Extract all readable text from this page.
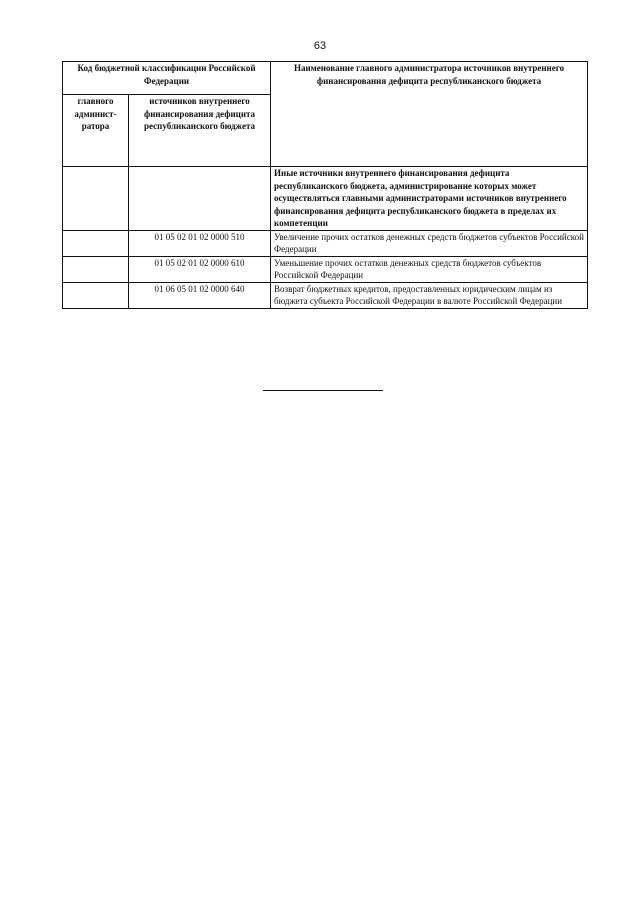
63
Код бюджетной классификации Российской Федерации		Наименование главного администратора источников внутреннего финансирования дефицита республиканского бюджета
главного админист-ратора	источников внутреннего финансирования дефицита республиканского бюджета	
		Иные источники внутреннего финансирования дефицита республиканского бюджета, администрирование которых может осуществляться главными администраторами источников внутреннего финансирования дефицита республиканского бюджета в пределах их компетенции
	01 05 02 01 02 0000 510	Увеличение прочих остатков денежных средств бюджетов субъектов Российской Федерации
	01 05 02 01 02 0000 610	Уменьшение прочих остатков денежных средств бюджетов субъектов Российской Федерации
	01 06 05 01 02 0000 640	Возврат бюджетных кредитов, предоставленных юридическим лицам из бюджета субъекта Российской Федерации в валюте Российской Федерации
